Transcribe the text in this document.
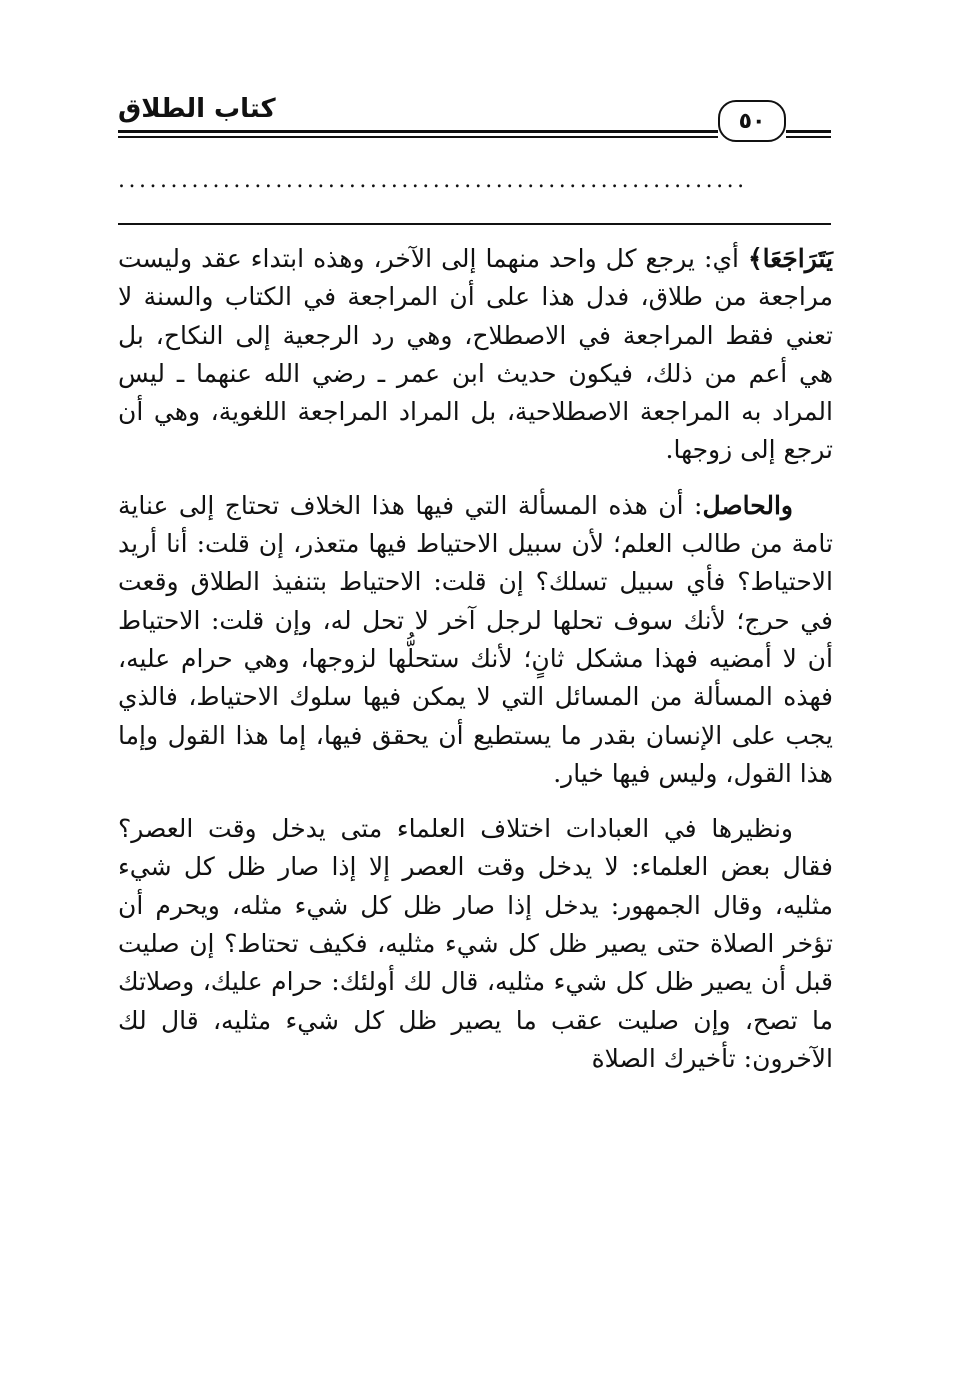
كتاب الطلاق	٥٠
............................................................

يَتَرَاجَعَا﴾ أي: يرجع كل واحد منهما إلى الآخر، وهذه ابتداء عقد وليست مراجعة من طلاق، فدل هذا على أن المراجعة في الكتاب والسنة لا تعني فقط المراجعة في الاصطلاح، وهي رد الرجعية إلى النكاح، بل هي أعم من ذلك، فيكون حديث ابن عمر ـ رضي الله عنهما ـ ليس المراد به المراجعة الاصطلاحية، بل المراد المراجعة اللغوية، وهي أن ترجع إلى زوجها.

والحاصل: أن هذه المسألة التي فيها هذا الخلاف تحتاج إلى عناية تامة من طالب العلم؛ لأن سبيل الاحتياط فيها متعذر، إن قلت: أنا أريد الاحتياط؟ فأي سبيل تسلك؟ إن قلت: الاحتياط بتنفيذ الطلاق وقعت في حرج؛ لأنك سوف تحلها لرجل آخر لا تحل له، وإن قلت: الاحتياط أن لا أمضيه فهذا مشكل ثانٍ؛ لأنك ستحلُّها لزوجها، وهي حرام عليه، فهذه المسألة من المسائل التي لا يمكن فيها سلوك الاحتياط، فالذي يجب على الإنسان بقدر ما يستطيع أن يحقق فيها، إما هذا القول وإما هذا القول، وليس فيها خيار.

ونظيرها في العبادات اختلاف العلماء متى يدخل وقت العصر؟ فقال بعض العلماء: لا يدخل وقت العصر إلا إذا صار ظل كل شيء مثليه، وقال الجمهور: يدخل إذا صار ظل كل شيء مثله، ويحرم أن تؤخر الصلاة حتى يصير ظل كل شيء مثليه، فكيف تحتاط؟ إن صليت قبل أن يصير ظل كل شيء مثليه، قال لك أولئك: حرام عليك، وصلاتك ما تصح، وإن صليت عقب ما يصير ظل كل شيء مثليه، قال لك الآخرون: تأخيرك الصلاة
